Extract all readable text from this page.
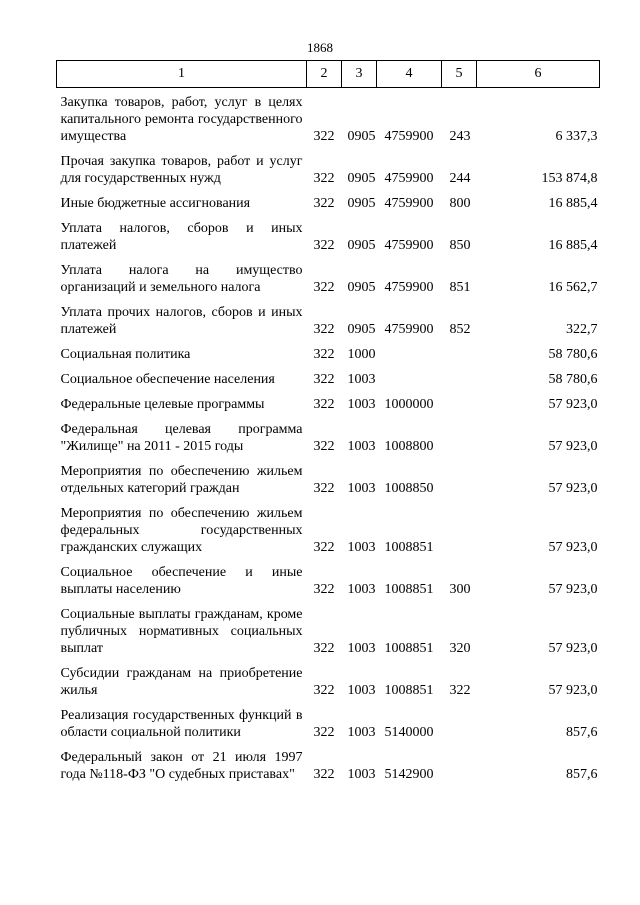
1868
1	2	3	4	5	6
Закупка товаров, работ, услуг в целях капитального ремонта государственного имущества	322	0905	4759900	243	6 337,3
Прочая закупка товаров, работ и услуг для государственных нужд	322	0905	4759900	244	153 874,8
Иные бюджетные ассигнования	322	0905	4759900	800	16 885,4
Уплата налогов, сборов и иных платежей	322	0905	4759900	850	16 885,4
Уплата налога на имущество организаций и земельного налога	322	0905	4759900	851	16 562,7
Уплата прочих налогов, сборов и иных платежей	322	0905	4759900	852	322,7
Социальная политика	322	1000			58 780,6
Социальное обеспечение населения	322	1003			58 780,6
Федеральные целевые программы	322	1003	1000000		57 923,0
Федеральная целевая программа "Жилище" на 2011 - 2015 годы	322	1003	1008800		57 923,0
Мероприятия по обеспечению жильем отдельных категорий граждан	322	1003	1008850		57 923,0
Мероприятия по обеспечению жильем федеральных государственных гражданских служащих	322	1003	1008851		57 923,0
Социальное обеспечение и иные выплаты населению	322	1003	1008851	300	57 923,0
Социальные выплаты гражданам, кроме публичных нормативных социальных выплат	322	1003	1008851	320	57 923,0
Субсидии гражданам на приобретение жилья	322	1003	1008851	322	57 923,0
Реализация государственных функций в области социальной политики	322	1003	5140000		857,6
Федеральный закон от 21 июля 1997 года №118-ФЗ "О судебных приставах"	322	1003	5142900		857,6
